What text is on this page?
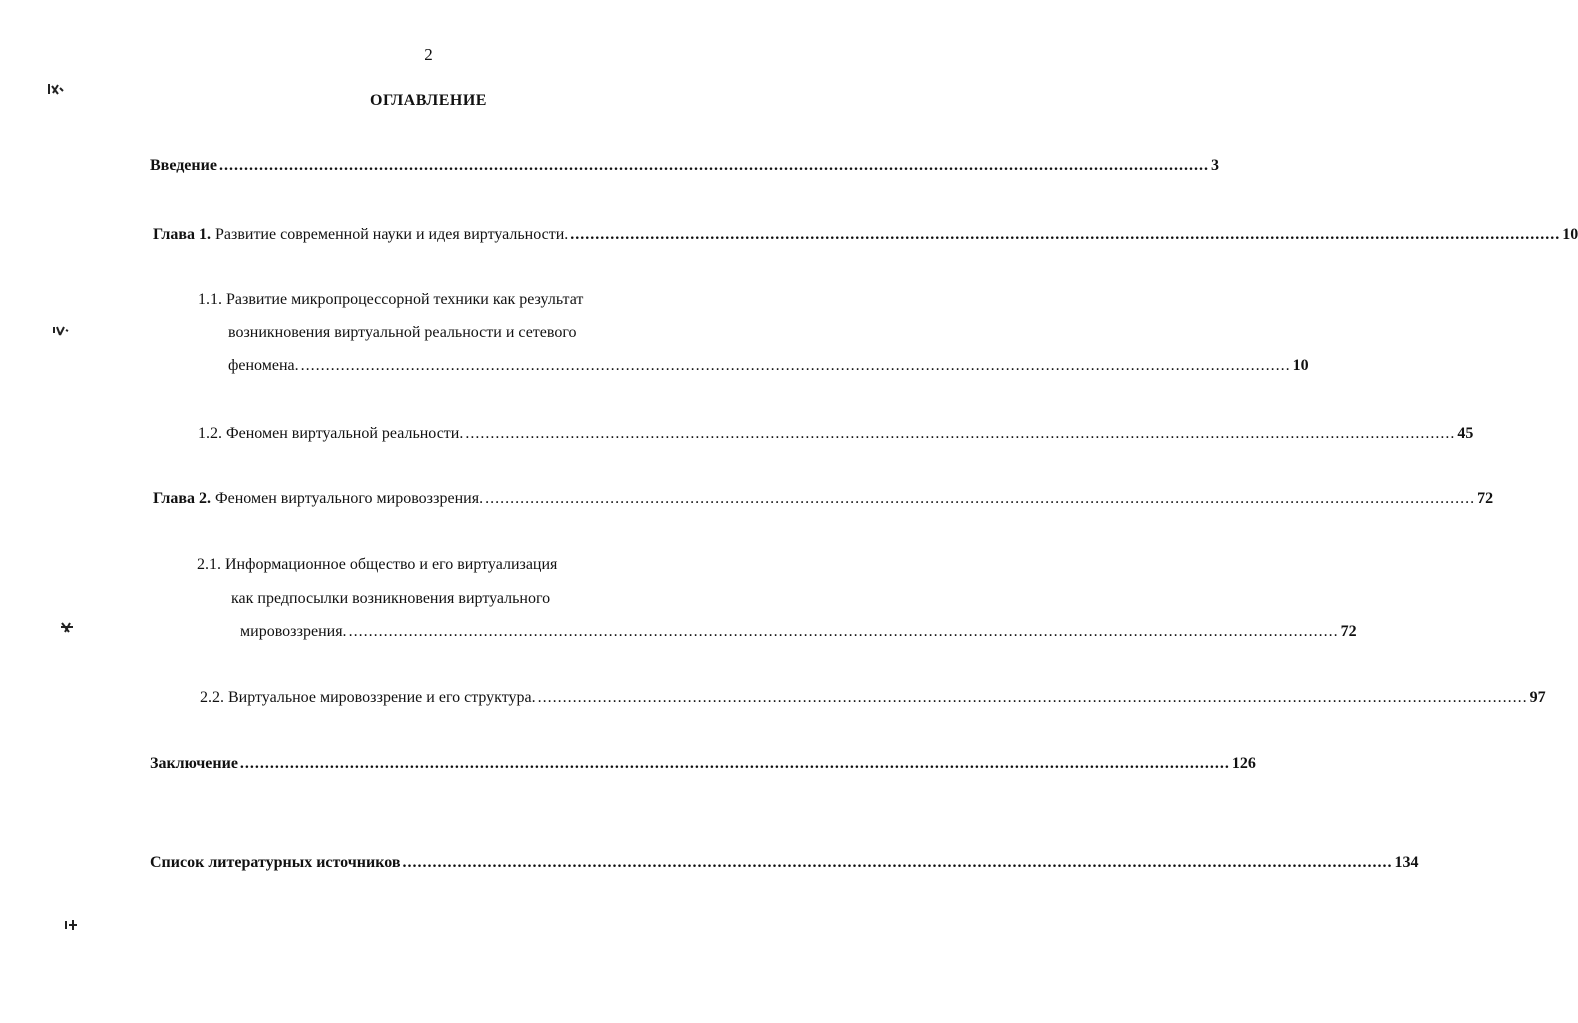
2
ОГЛАВЛЕНИЕ
Введение ...................................................................................................................................................................................................... 3
Глава 1. Развитие современной науки и идея виртуальности. ...................................................................................................................................................................................................... 10
1.1. Развитие микропроцессорной техники как результат
возникновения виртуальной реальности и сетевого
феномена. ...................................................................................................................................................................................................... 10
1.2. Феномен виртуальной реальности. ...................................................................................................................................................................................................... 45
Глава 2. Феномен виртуального мировоззрения. ...................................................................................................................................................................................................... 72
2.1. Информационное общество и его виртуализация
как предпосылки возникновения виртуального
мировоззрения. ...................................................................................................................................................................................................... 72
2.2. Виртуальное мировоззрение и его структура. ...................................................................................................................................................................................................... 97
Заключение ...................................................................................................................................................................................................... 126
Список литературных источников ...................................................................................................................................................................................................... 134
